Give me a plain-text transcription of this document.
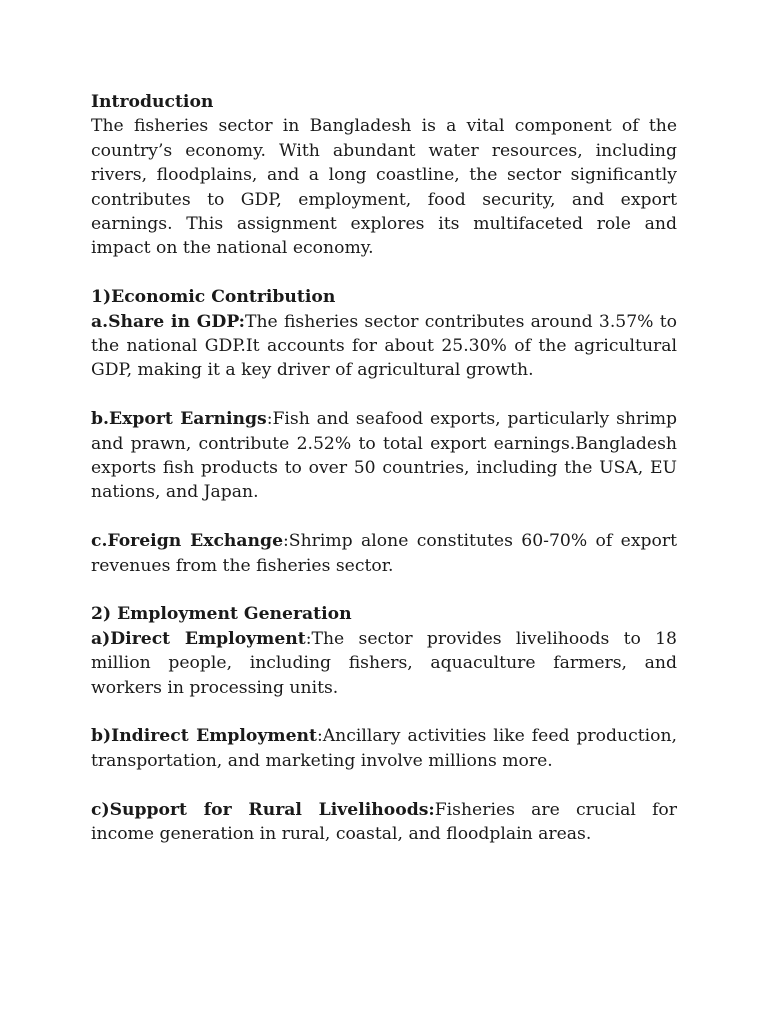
Introduction

The fisheries sector in Bangladesh is a vital component of the country’s economy. With abundant water resources, including rivers, floodplains, and a long coastline, the sector significantly contributes to GDP, employment, food security, and export earnings. This assignment explores its multifaceted role and impact on the national economy.

1)Economic Contribution

a.Share in GDP:The fisheries sector contributes around 3.57% to the national GDP.It accounts for about 25.30% of the agricultural GDP, making it a key driver of agricultural growth.

b.Export Earnings:Fish and seafood exports, particularly shrimp and prawn, contribute 2.52% to total export earnings.Bangladesh exports fish products to over 50 countries, including the USA, EU nations, and Japan.

c.Foreign Exchange:Shrimp alone constitutes 60-70% of export revenues from the fisheries sector.

2) Employment Generation

a)Direct Employment:The sector provides livelihoods to 18 million people, including fishers, aquaculture farmers, and workers in processing units.

b)Indirect Employment:Ancillary activities like feed production, transportation, and marketing involve millions more.

c)Support for Rural Livelihoods:Fisheries are crucial for income generation in rural, coastal, and floodplain areas.
